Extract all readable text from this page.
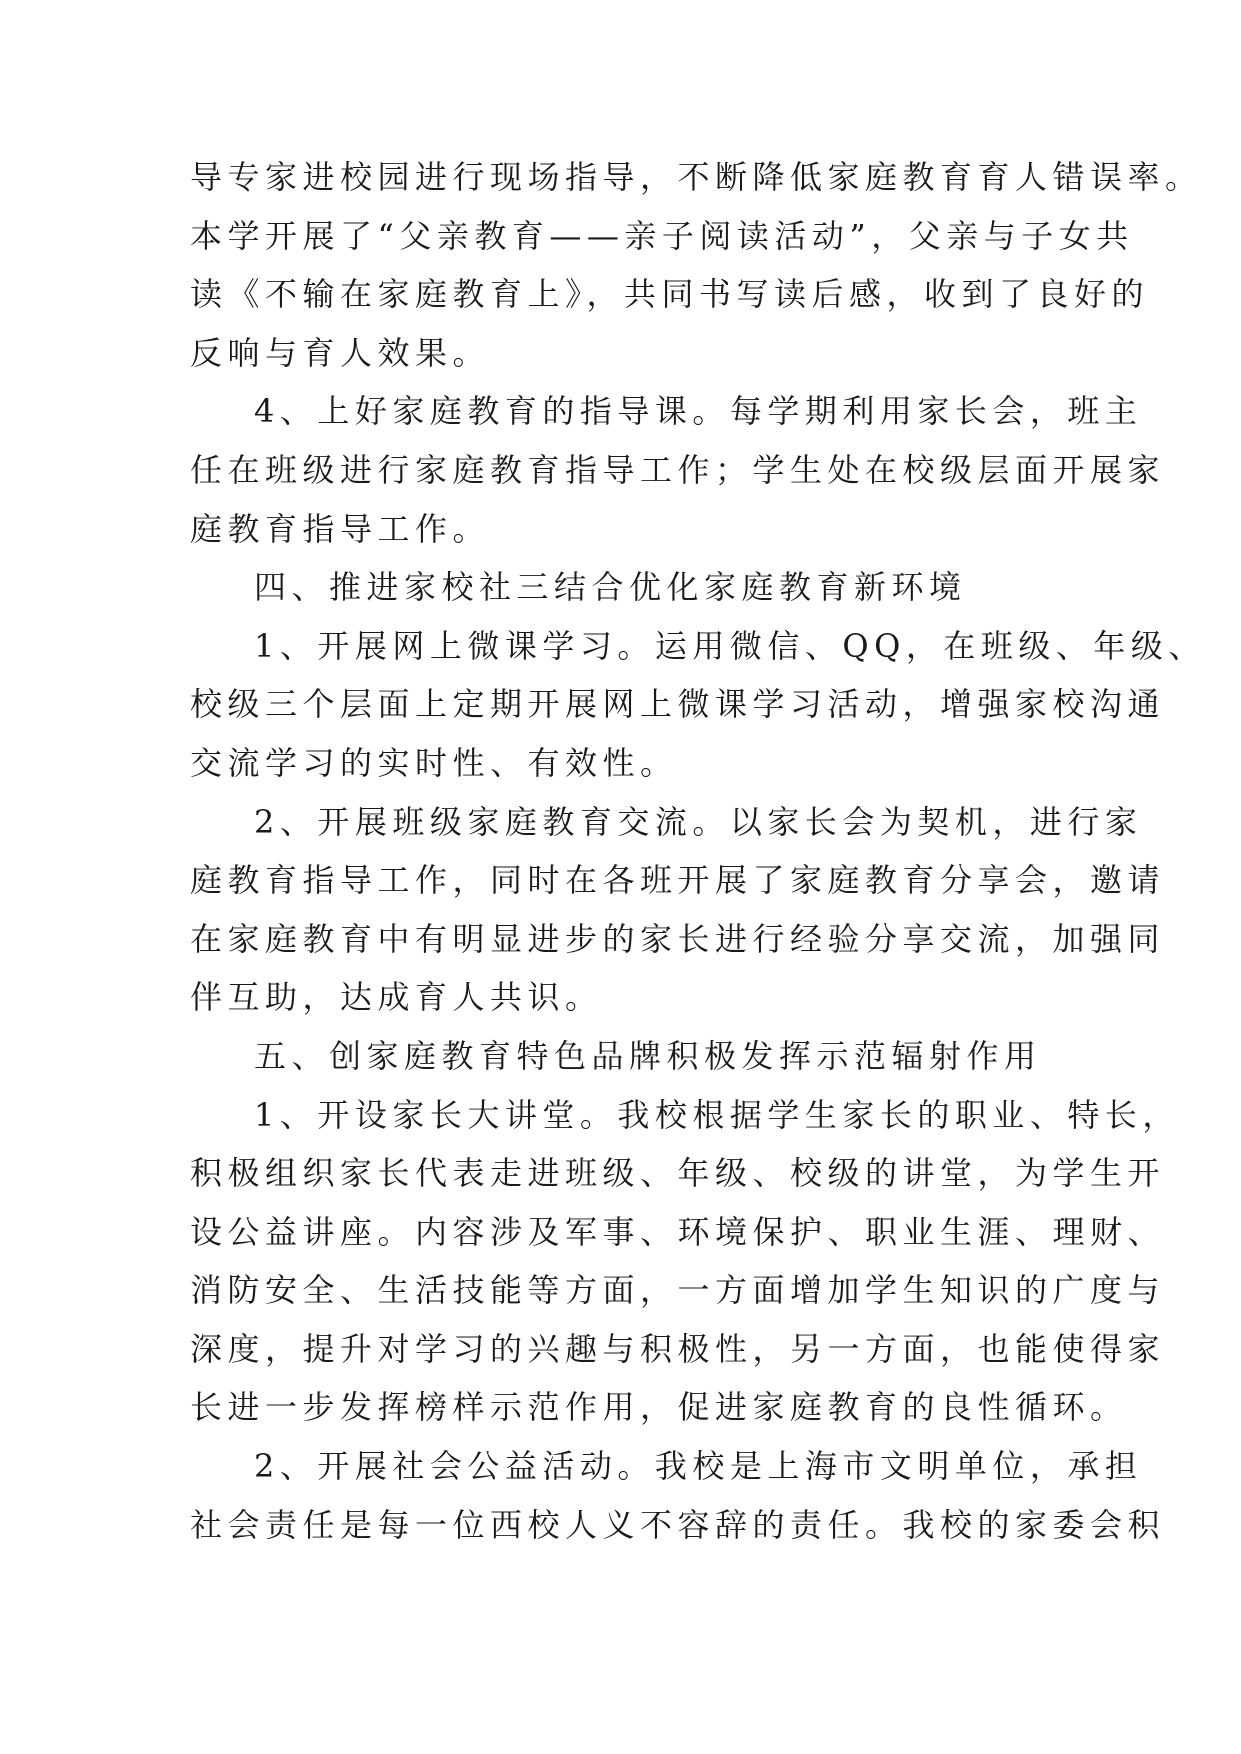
导专家进校园进行现场指导，不断降低家庭教育育人错误率。
本学开展了“父亲教育——亲子阅读活动”，父亲与子女共
读《不输在家庭教育上》，共同书写读后感，收到了良好的
反响与育人效果。
4、上好家庭教育的指导课。每学期利用家长会，班主
任在班级进行家庭教育指导工作；学生处在校级层面开展家
庭教育指导工作。
四、推进家校社三结合优化家庭教育新环境
1、开展网上微课学习。运用微信、QQ，在班级、年级、
校级三个层面上定期开展网上微课学习活动，增强家校沟通
交流学习的实时性、有效性。
2、开展班级家庭教育交流。以家长会为契机，进行家
庭教育指导工作，同时在各班开展了家庭教育分享会，邀请
在家庭教育中有明显进步的家长进行经验分享交流，加强同
伴互助，达成育人共识。
五、创家庭教育特色品牌积极发挥示范辐射作用
1、开设家长大讲堂。我校根据学生家长的职业、特长，
积极组织家长代表走进班级、年级、校级的讲堂，为学生开
设公益讲座。内容涉及军事、环境保护、职业生涯、理财、
消防安全、生活技能等方面，一方面增加学生知识的广度与
深度，提升对学习的兴趣与积极性，另一方面，也能使得家
长进一步发挥榜样示范作用，促进家庭教育的良性循环。
2、开展社会公益活动。我校是上海市文明单位，承担
社会责任是每一位西校人义不容辞的责任。我校的家委会积
